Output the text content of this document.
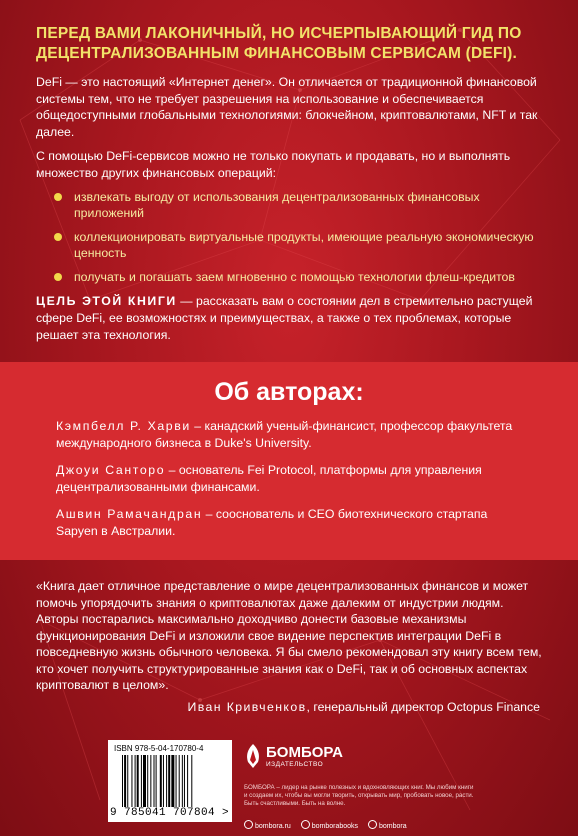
ПЕРЕД ВАМИ ЛАКОНИЧНЫЙ, НО ИСЧЕРПЫВАЮЩИЙ ГИД ПО ДЕЦЕНТРАЛИЗОВАННЫМ ФИНАНСОВЫМ СЕРВИСАМ (DEFI).

DeFi — это настоящий «Интернет денег». Он отличается от традиционной финансовой системы тем, что не требует разрешения на использование и обеспечивается общедоступными глобальными технологиями: блокчейном, криптовалютами, NFT и так далее.

С помощью DeFi-сервисов можно не только покупать и продавать, но и выполнять множество других финансовых операций:

извлекать выгоду от использования децентрализованных финансовых приложений
коллекционировать виртуальные продукты, имеющие реальную экономическую ценность
получать и погашать заем мгновенно с помощью технологии флеш-кредитов

ЦЕЛЬ ЭТОЙ КНИГИ — рассказать вам о состоянии дел в стремительно растущей сфере DeFi, ее возможностях и преимуществах, а также о тех проблемах, которые решает эта технология.

Об авторах:
Кэмпбелл Р. Харви – канадский ученый-финансист, профессор факультета международного бизнеса в Duke's University.
Джоуи Санторо – основатель Fei Protocol, платформы для управления децентрализованными финансами.
Ашвин Рамачандран – сооснователь и СЕО биотехнического стартапа Sapyen в Австралии.

«Книга дает отличное представление о мире децентрализованных финансов и может помочь упорядочить знания о криптовалютах даже далеким от индустрии людям. Авторы постарались максимально доходчиво донести базовые механизмы функционирования DeFi и изложили свое видение перспектив интеграции DeFi в повседневную жизнь обычного человека. Я бы смело рекомендовал эту книгу всем тем, кто хочет получить структурированные знания как о DeFi, так и об основных аспектах криптовалют в целом».

Иван Кривченков, генеральный директор Octopus Finance
ISBN 978-5-04-170780-4
9 785041 707804 >
БОМБОРА
ИЗДАТЕЛЬСТВО

БОМБОРА – лидер на рынке полезных и вдохновляющих книг. Мы любим книги и создаем их, чтобы вы могли творить, открывать мир, пробовать новое, расти. Быть счастливыми. Быть на волне.

bombora.ru	bomborabooks	bombora
